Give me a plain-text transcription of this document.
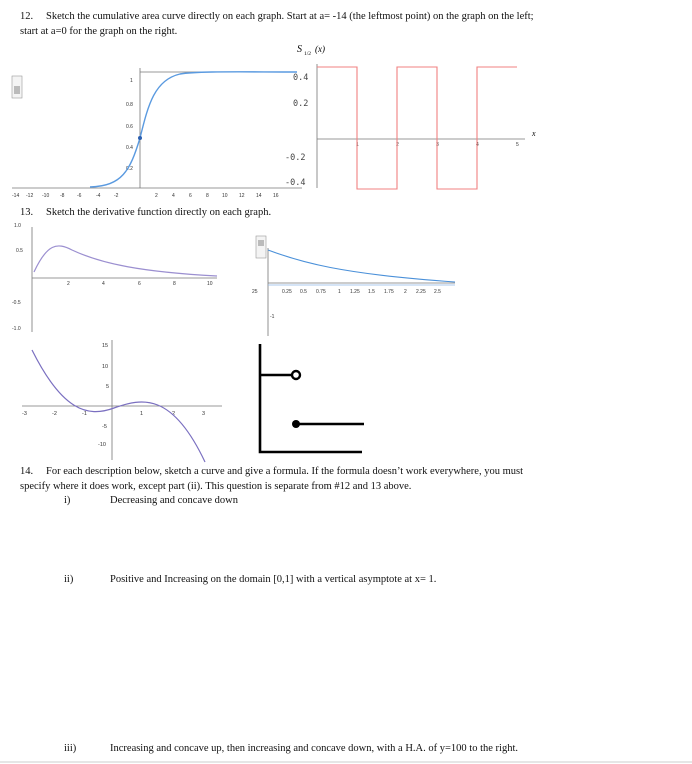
12. Sketch the cumulative area curve directly on each graph. Start at a= -14 (the leftmost point) on the graph on the left;
start at a=0 for the graph on the right.
1
0.8
0.6
0.4
0.2
-14 -12 -10 -8	-6	-4	-2	2	4	6	8	10 12 14 16
S 1/2 (x)
0.4
0.2
-0.2
-0.4
1	2	3	4	5
x
13. Sketch the derivative function directly on each graph.
1.0
0.5
-0.5
-1.0
2	4	6	8	10
25
-1
0.25 0.5 0.75 1 1.25 1.5 1.75 2 2.25 2.5
15
10
5
-5
-10
-3	-2	-1	1	2	3
14. For each description below, sketch a curve and give a formula. If the formula doesn’t work everywhere, you must
specify where it does work, except part (ii). This question is separate from #12 and 13 above.
i)	Decreasing and concave down
ii)	Positive and Increasing on the domain [0,1] with a vertical asymptote at x= 1.
iii)	Increasing and concave up, then increasing and concave down, with a H.A. of y=100 to the right.
